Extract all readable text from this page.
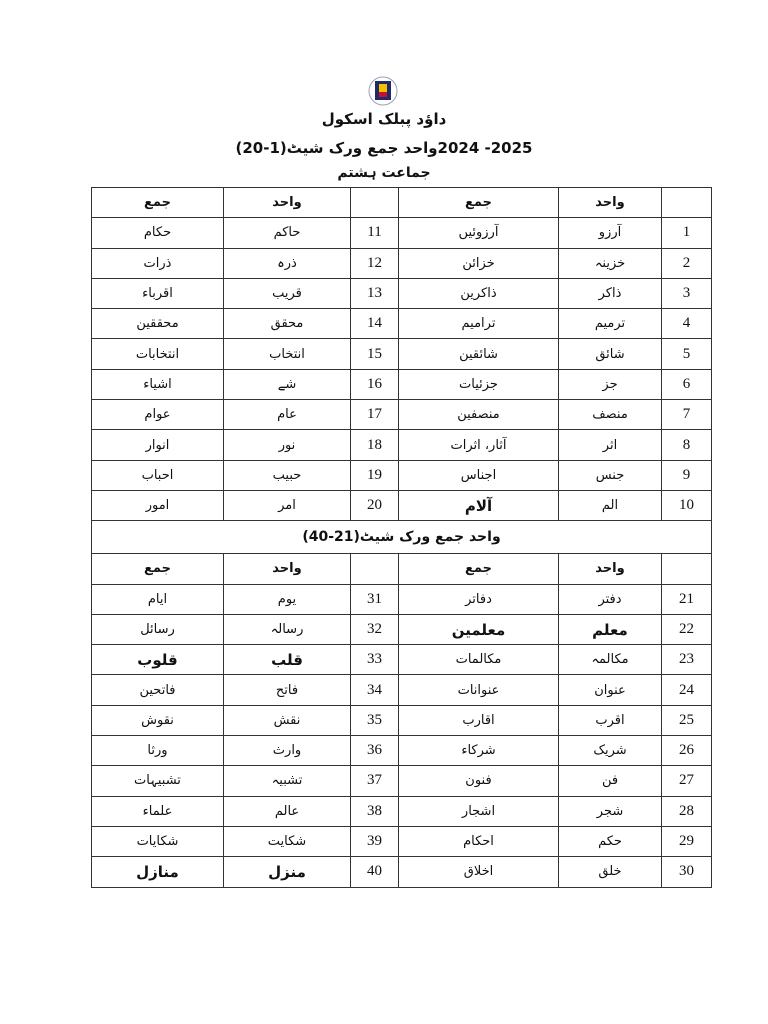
داؤد پبلک اسکول
2025- 2024واحد جمع ورک شیٹ(1-20)
جماعت ہشتم
جمع	واحد		جمع	واحد	
حکام	حاکم	11	آرزوئیں	آرزو	1
ذرات	ذرہ	12	خزائن	خزینہ	2
اقرباء	قریب	13	ذاکرین	ذاکر	3
محققین	محقق	14	ترامیم	ترمیم	4
انتخابات	انتخاب	15	شائقین	شائق	5
اشیاء	شے	16	جزئیات	جز	6
عوام	عام	17	منصفین	منصف	7
انوار	نور	18	آثار، اثرات	اثر	8
احباب	حبیب	19	اجناس	جنس	9
امور	امر	20	آلام	الم	10
واحد جمع ورک شیٹ(21-40)					
جمع	واحد		جمع	واحد	
ایام	یوم	31	دفاتر	دفتر	21
رسائل	رسالہ	32	معلمین	معلم	22
قلوب	قلب	33	مکالمات	مکالمہ	23
فاتحین	فاتح	34	عنوانات	عنوان	24
نقوش	نقش	35	اقارب	اقرب	25
ورثا	وارث	36	شرکاء	شریک	26
تشبیہات	تشبیہ	37	فنون	فن	27
علماء	عالم	38	اشجار	شجر	28
شکایات	شکایت	39	احکام	حکم	29
منازل	منزل	40	اخلاق	خلق	30
